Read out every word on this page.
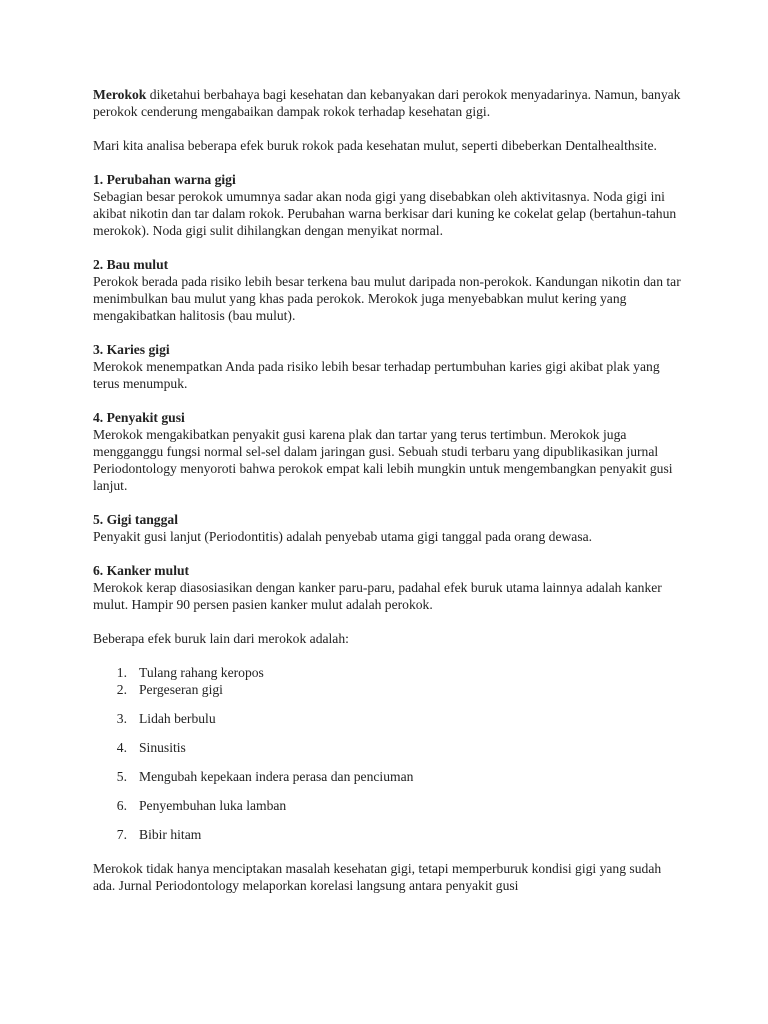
Merokok diketahui berbahaya bagi kesehatan dan kebanyakan dari perokok menyadarinya. Namun, banyak perokok cenderung mengabaikan dampak rokok terhadap kesehatan gigi.

Mari kita analisa beberapa efek buruk rokok pada kesehatan mulut, seperti dibeberkan Dentalhealthsite.

1. Perubahan warna gigi
Sebagian besar perokok umumnya sadar akan noda gigi yang disebabkan oleh aktivitasnya. Noda gigi ini akibat nikotin dan tar dalam rokok. Perubahan warna berkisar dari kuning ke cokelat gelap (bertahun-tahun merokok). Noda gigi sulit dihilangkan dengan menyikat normal.
2. Bau mulut
Perokok berada pada risiko lebih besar terkena bau mulut daripada non-perokok. Kandungan nikotin dan tar menimbulkan bau mulut yang khas pada perokok. Merokok juga menyebabkan mulut kering yang mengakibatkan halitosis (bau mulut).
3. Karies gigi
Merokok menempatkan Anda pada risiko lebih besar terhadap pertumbuhan karies gigi akibat plak yang terus menumpuk.
4. Penyakit gusi
Merokok mengakibatkan penyakit gusi karena plak dan tartar yang terus tertimbun. Merokok juga mengganggu fungsi normal sel-sel dalam jaringan gusi. Sebuah studi terbaru yang dipublikasikan jurnal Periodontology menyoroti bahwa perokok empat kali lebih mungkin untuk mengembangkan penyakit gusi lanjut.
5. Gigi tanggal
Penyakit gusi lanjut (Periodontitis) adalah penyebab utama gigi tanggal pada orang dewasa.
6. Kanker mulut
Merokok kerap diasosiasikan dengan kanker paru-paru, padahal efek buruk utama lainnya adalah kanker mulut. Hampir 90 persen pasien kanker mulut adalah perokok.

Beberapa efek buruk lain dari merokok adalah:

1. Tulang rahang keropos
2. Pergeseran gigi
3. Lidah berbulu
4. Sinusitis
5. Mengubah kepekaan indera perasa dan penciuman
6. Penyembuhan luka lamban
7. Bibir hitam

Merokok tidak hanya menciptakan masalah kesehatan gigi, tetapi memperburuk kondisi gigi yang sudah ada. Jurnal Periodontology melaporkan korelasi langsung antara penyakit gusi
